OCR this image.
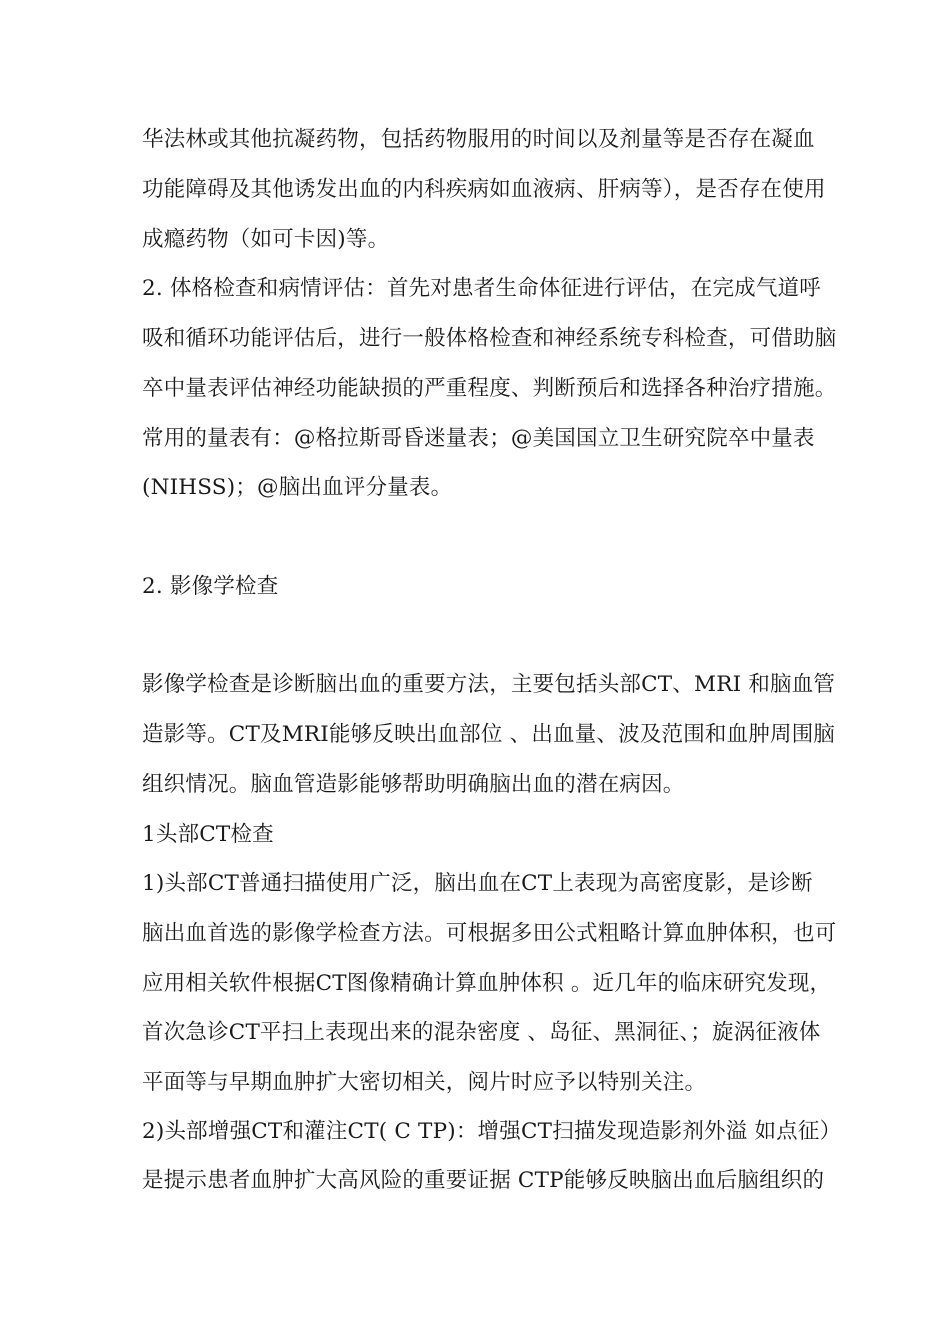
华法林或其他抗凝药物，包括药物服用的时间以及剂量等是否存在凝血

功能障碍及其他诱发出血的内科疾病如血液病、肝病等），是否存在使用

成瘾药物（如可卡因)等。

2. 体格检查和病情评估：首先对患者生命体征进行评估，在完成气道呼

吸和循环功能评估后，进行一般体格检查和神经系统专科检查，可借助脑

卒中量表评估神经功能缺损的严重程度、判断预后和选择各种治疗措施。

常用的量表有：@格拉斯哥昏迷量表；@美国国立卫生研究院卒中量表

(NIHSS)；@脑出血评分量表。

2. 影像学检查

影像学检查是诊断脑出血的重要方法，主要包括头部CT、MRI 和脑血管

造影等。CT及MRI能够反映出血部位 、出血量、波及范围和血肿周围脑

组织情况。脑血管造影能够帮助明确脑出血的潜在病因。

1头部CT检查

1)头部CT普通扫描使用广泛，脑出血在CT上表现为高密度影，是诊断

脑出血首选的影像学检查方法。可根据多田公式粗略计算血肿体积，也可

应用相关软件根据CT图像精确计算血肿体积 。近几年的临床研究发现，

首次急诊CT平扫上表现出来的混杂密度 、岛征、黑洞征、；旋涡征液体

平面等与早期血肿扩大密切相关，阅片时应予以特别关注。

2)头部增强CT和灌注CT( C TP)：增强CT扫描发现造影剂外溢 如点征）

是提示患者血肿扩大高风险的重要证据 CTP能够反映脑出血后脑组织的
